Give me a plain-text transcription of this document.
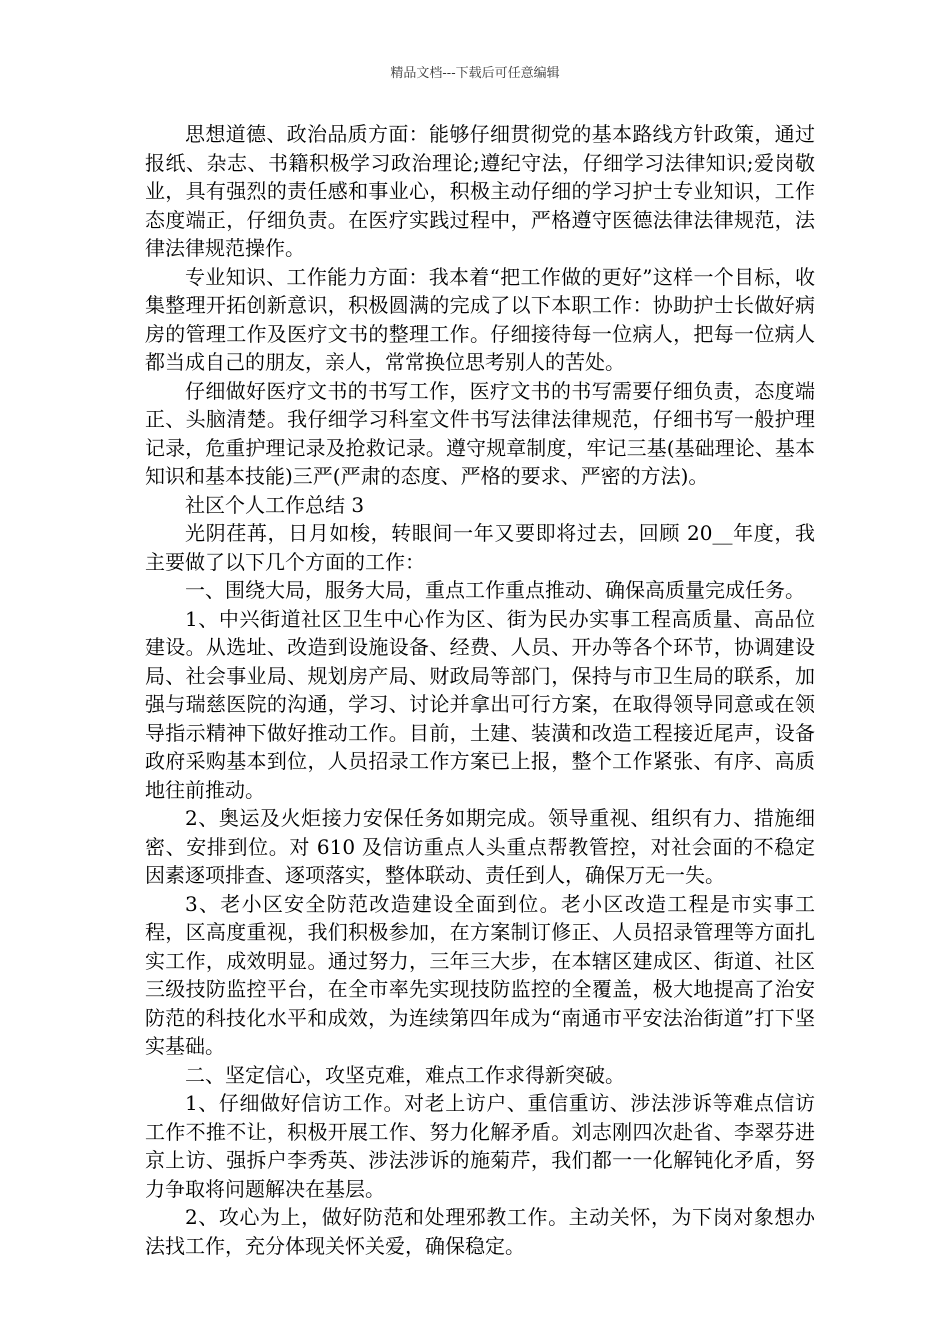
精品文档---下载后可任意编辑

思想道德、政治品质方面：能够仔细贯彻党的基本路线方针政策，通过报纸、杂志、书籍积极学习政治理论;遵纪守法，仔细学习法律知识;爱岗敬业，具有强烈的责任感和事业心，积极主动仔细的学习护士专业知识，工作态度端正，仔细负责。在医疗实践过程中，严格遵守医德法律法律规范，法律法律规范操作。

专业知识、工作能力方面：我本着“把工作做的更好”这样一个目标，收集整理开拓创新意识，积极圆满的完成了以下本职工作：协助护士长做好病房的管理工作及医疗文书的整理工作。仔细接待每一位病人，把每一位病人都当成自己的朋友，亲人，常常换位思考别人的苦处。

仔细做好医疗文书的书写工作，医疗文书的书写需要仔细负责，态度端正、头脑清楚。我仔细学习科室文件书写法律法律规范，仔细书写一般护理记录，危重护理记录及抢救记录。遵守规章制度，牢记三基(基础理论、基本知识和基本技能)三严(严肃的态度、严格的要求、严密的方法)。

社区个人工作总结 3

光阴荏苒，日月如梭，转眼间一年又要即将过去，回顾 20__年度，我主要做了以下几个方面的工作：

一、围绕大局，服务大局，重点工作重点推动、确保高质量完成任务。

1、中兴街道社区卫生中心作为区、街为民办实事工程高质量、高品位建设。从选址、改造到设施设备、经费、人员、开办等各个环节，协调建设局、社会事业局、规划房产局、财政局等部门，保持与市卫生局的联系，加强与瑞慈医院的沟通，学习、讨论并拿出可行方案，在取得领导同意或在领导指示精神下做好推动工作。目前，土建、装潢和改造工程接近尾声，设备政府采购基本到位，人员招录工作方案已上报，整个工作紧张、有序、高质地往前推动。

2、奥运及火炬接力安保任务如期完成。领导重视、组织有力、措施细密、安排到位。对 610 及信访重点人头重点帮教管控，对社会面的不稳定因素逐项排查、逐项落实，整体联动、责任到人，确保万无一失。

3、老小区安全防范改造建设全面到位。老小区改造工程是市实事工程，区高度重视，我们积极参加，在方案制订修正、人员招录管理等方面扎实工作，成效明显。通过努力，三年三大步，在本辖区建成区、街道、社区三级技防监控平台，在全市率先实现技防监控的全覆盖，极大地提高了治安防范的科技化水平和成效，为连续第四年成为“南通市平安法治街道”打下坚实基础。

二、坚定信心，攻坚克难，难点工作求得新突破。

1、仔细做好信访工作。对老上访户、重信重访、涉法涉诉等难点信访工作不推不让，积极开展工作、努力化解矛盾。刘志刚四次赴省、李翠芬进京上访、强拆户李秀英、涉法涉诉的施菊芹，我们都一一化解钝化矛盾，努力争取将问题解决在基层。

2、攻心为上，做好防范和处理邪教工作。主动关怀，为下岗对象想办法找工作，充分体现关怀关爱，确保稳定。
